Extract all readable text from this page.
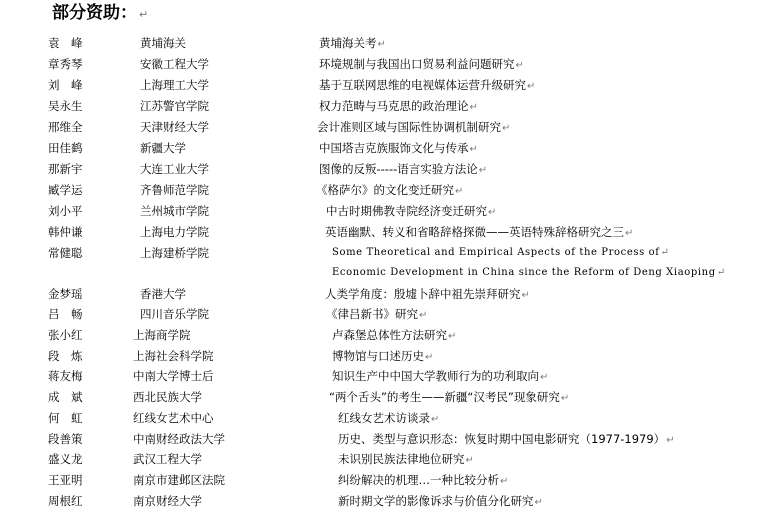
部分资助： ↵
袁　峰	黄埔海关	黄埔海关考↵
章秀琴	安徽工程大学	环境规制与我国出口贸易利益问题研究↵
刘　峰	上海理工大学	基于互联网思维的电视媒体运营升级研究↵
吴永生	江苏警官学院	权力范畴与马克思的政治理论↵
邢维全	天津财经大学	会计准则区域与国际性协调机制研究↵
田佳鹤	新疆大学	中国塔吉克族服饰文化与传承↵
那新宇	大连工业大学	图像的反叛-----语言实验方法论↵
臧学运	齐鲁师范学院	《格萨尔》的文化变迁研究↵
刘小平	兰州城市学院	中古时期佛教寺院经济变迁研究↵
韩仲谦	上海电力学院	英语幽默、转义和省略辞格探微——英语特殊辞格研究之三↵
常健聪	上海建桥学院	Some Theoretical and Empirical Aspects of the Process of↵
Economic Development in China since the Reform of Deng Xiaoping↵
金梦瑶	香港大学	人类学角度：殷墟卜辞中祖先崇拜研究↵
吕　畅	四川音乐学院	《律吕新书》研究↵
张小红	上海商学院	卢森堡总体性方法研究↵
段　炼	上海社会科学院	博物馆与口述历史↵
蒋友梅	中南大学博士后	知识生产中中国大学教师行为的功利取向↵
成　斌	西北民族大学	“两个舌头”的考生——新疆“汉考民”现象研究↵
何　虹	红线女艺术中心	红线女艺术访谈录↵
段善策	中南财经政法大学	历史、类型与意识形态：恢复时期中国电影研究（1977-1979）↵
盛义龙	武汉工程大学	未识别民族法律地位研究↵
王亚明	南京市建邺区法院	纠纷解决的机理…一种比较分析↵
周根红	南京财经大学	新时期文学的影像诉求与价值分化研究↵
